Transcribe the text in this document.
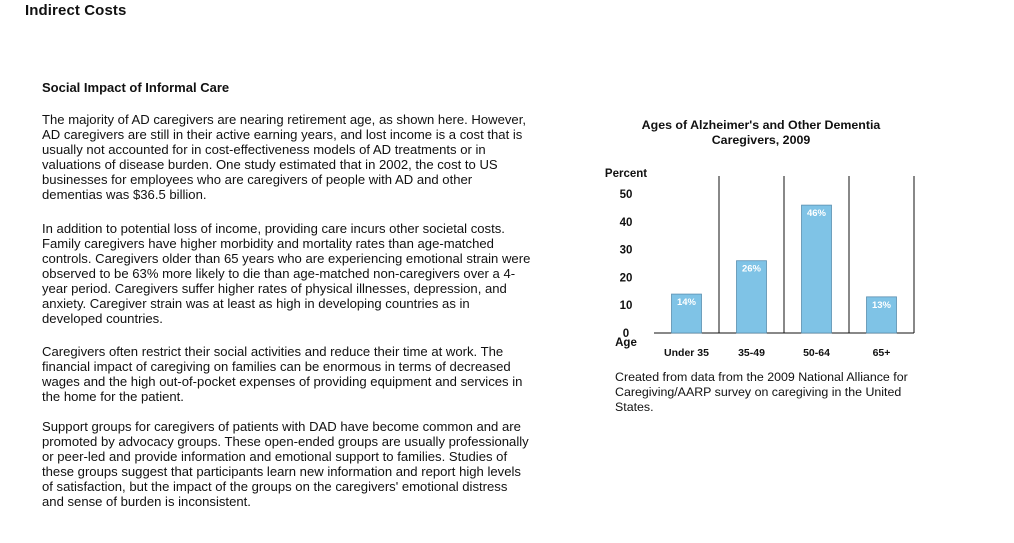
Indirect Costs
Social Impact of Informal Care

The majority of AD caregivers are nearing retirement age, as shown here. However, AD caregivers are still in their active earning years, and lost income is a cost that is usually not accounted for in cost-effectiveness models of AD treatments or in valuations of disease burden. One study estimated that in 2002, the cost to US businesses for employees who are caregivers of people with AD and other dementias was $36.5 billion.

In addition to potential loss of income, providing care incurs other societal costs. Family caregivers have higher morbidity and mortality rates than age-matched controls. Caregivers older than 65 years who are experiencing emotional strain were observed to be 63% more likely to die than age-matched non-caregivers over a 4-year period. Caregivers suffer higher rates of physical illnesses, depression, and anxiety. Caregiver strain was at least as high in developing countries as in developed countries.

Caregivers often restrict their social activities and reduce their time at work. The financial impact of caregiving on families can be enormous in terms of decreased wages and the high out-of-pocket expenses of providing equipment and services in the home for the patient.

Support groups for caregivers of patients with DAD have become common and are promoted by advocacy groups. These open-ended groups are usually professionally or peer-led and provide information and emotional support to families. Studies of these groups suggest that participants learn new information and report high levels of satisfaction, but the impact of the groups on the caregivers' emotional distress and sense of burden is inconsistent.

Ages of Alzheimer's and Other Dementia Caregivers, 2009
Percent
Age
0
10
20
30
40
50
14%
Under 35
26%
35-49
46%
50-64
13%
65+
Created from data from the 2009 National Alliance for Caregiving/AARP survey on caregiving in the United States.
